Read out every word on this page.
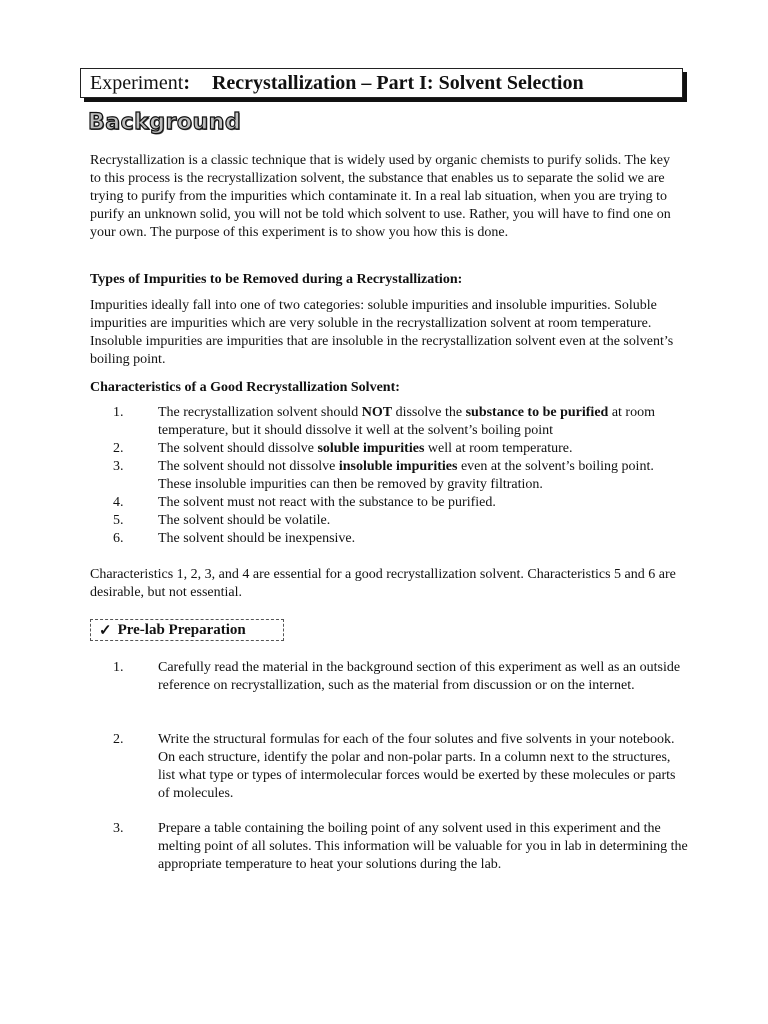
Experiment : Recrystallization – Part I: Solvent Selection
Background

Recrystallization is a classic technique that is widely used by organic chemists to purify solids. The key to this process is the recrystallization solvent, the substance that enables us to separate the solid we are trying to purify from the impurities which contaminate it. In a real lab situation, when you are trying to purify an unknown solid, you will not be told which solvent to use. Rather, you will have to find one on your own. The purpose of this experiment is to show you how this is done.

Types of Impurities to be Removed during a Recrystallization:

Impurities ideally fall into one of two categories: soluble impurities and insoluble impurities. Soluble impurities are impurities which are very soluble in the recrystallization solvent at room temperature. Insoluble impurities are impurities that are insoluble in the recrystallization solvent even at the solvent’s boiling point.

Characteristics of a Good Recrystallization Solvent:
1. The recrystallization solvent should NOT dissolve the substance to be purified at room temperature, but it should dissolve it well at the solvent’s boiling point
2. The solvent should dissolve soluble impurities well at room temperature.
3. The solvent should not dissolve insoluble impurities even at the solvent’s boiling point. These insoluble impurities can then be removed by gravity filtration.
4. The solvent must not react with the substance to be purified.
5. The solvent should be volatile.
6. The solvent should be inexpensive.

Characteristics 1, 2, 3, and 4 are essential for a good recrystallization solvent. Characteristics 5 and 6 are desirable, but not essential.

✓ Pre-lab Preparation
1. Carefully read the material in the background section of this experiment as well as an outside reference on recrystallization, such as the material from discussion or on the internet.
2. Write the structural formulas for each of the four solutes and five solvents in your notebook. On each structure, identify the polar and non-polar parts. In a column next to the structures, list what type or types of intermolecular forces would be exerted by these molecules or parts of molecules.
3. Prepare a table containing the boiling point of any solvent used in this experiment and the melting point of all solutes. This information will be valuable for you in lab in determining the appropriate temperature to heat your solutions during the lab.
